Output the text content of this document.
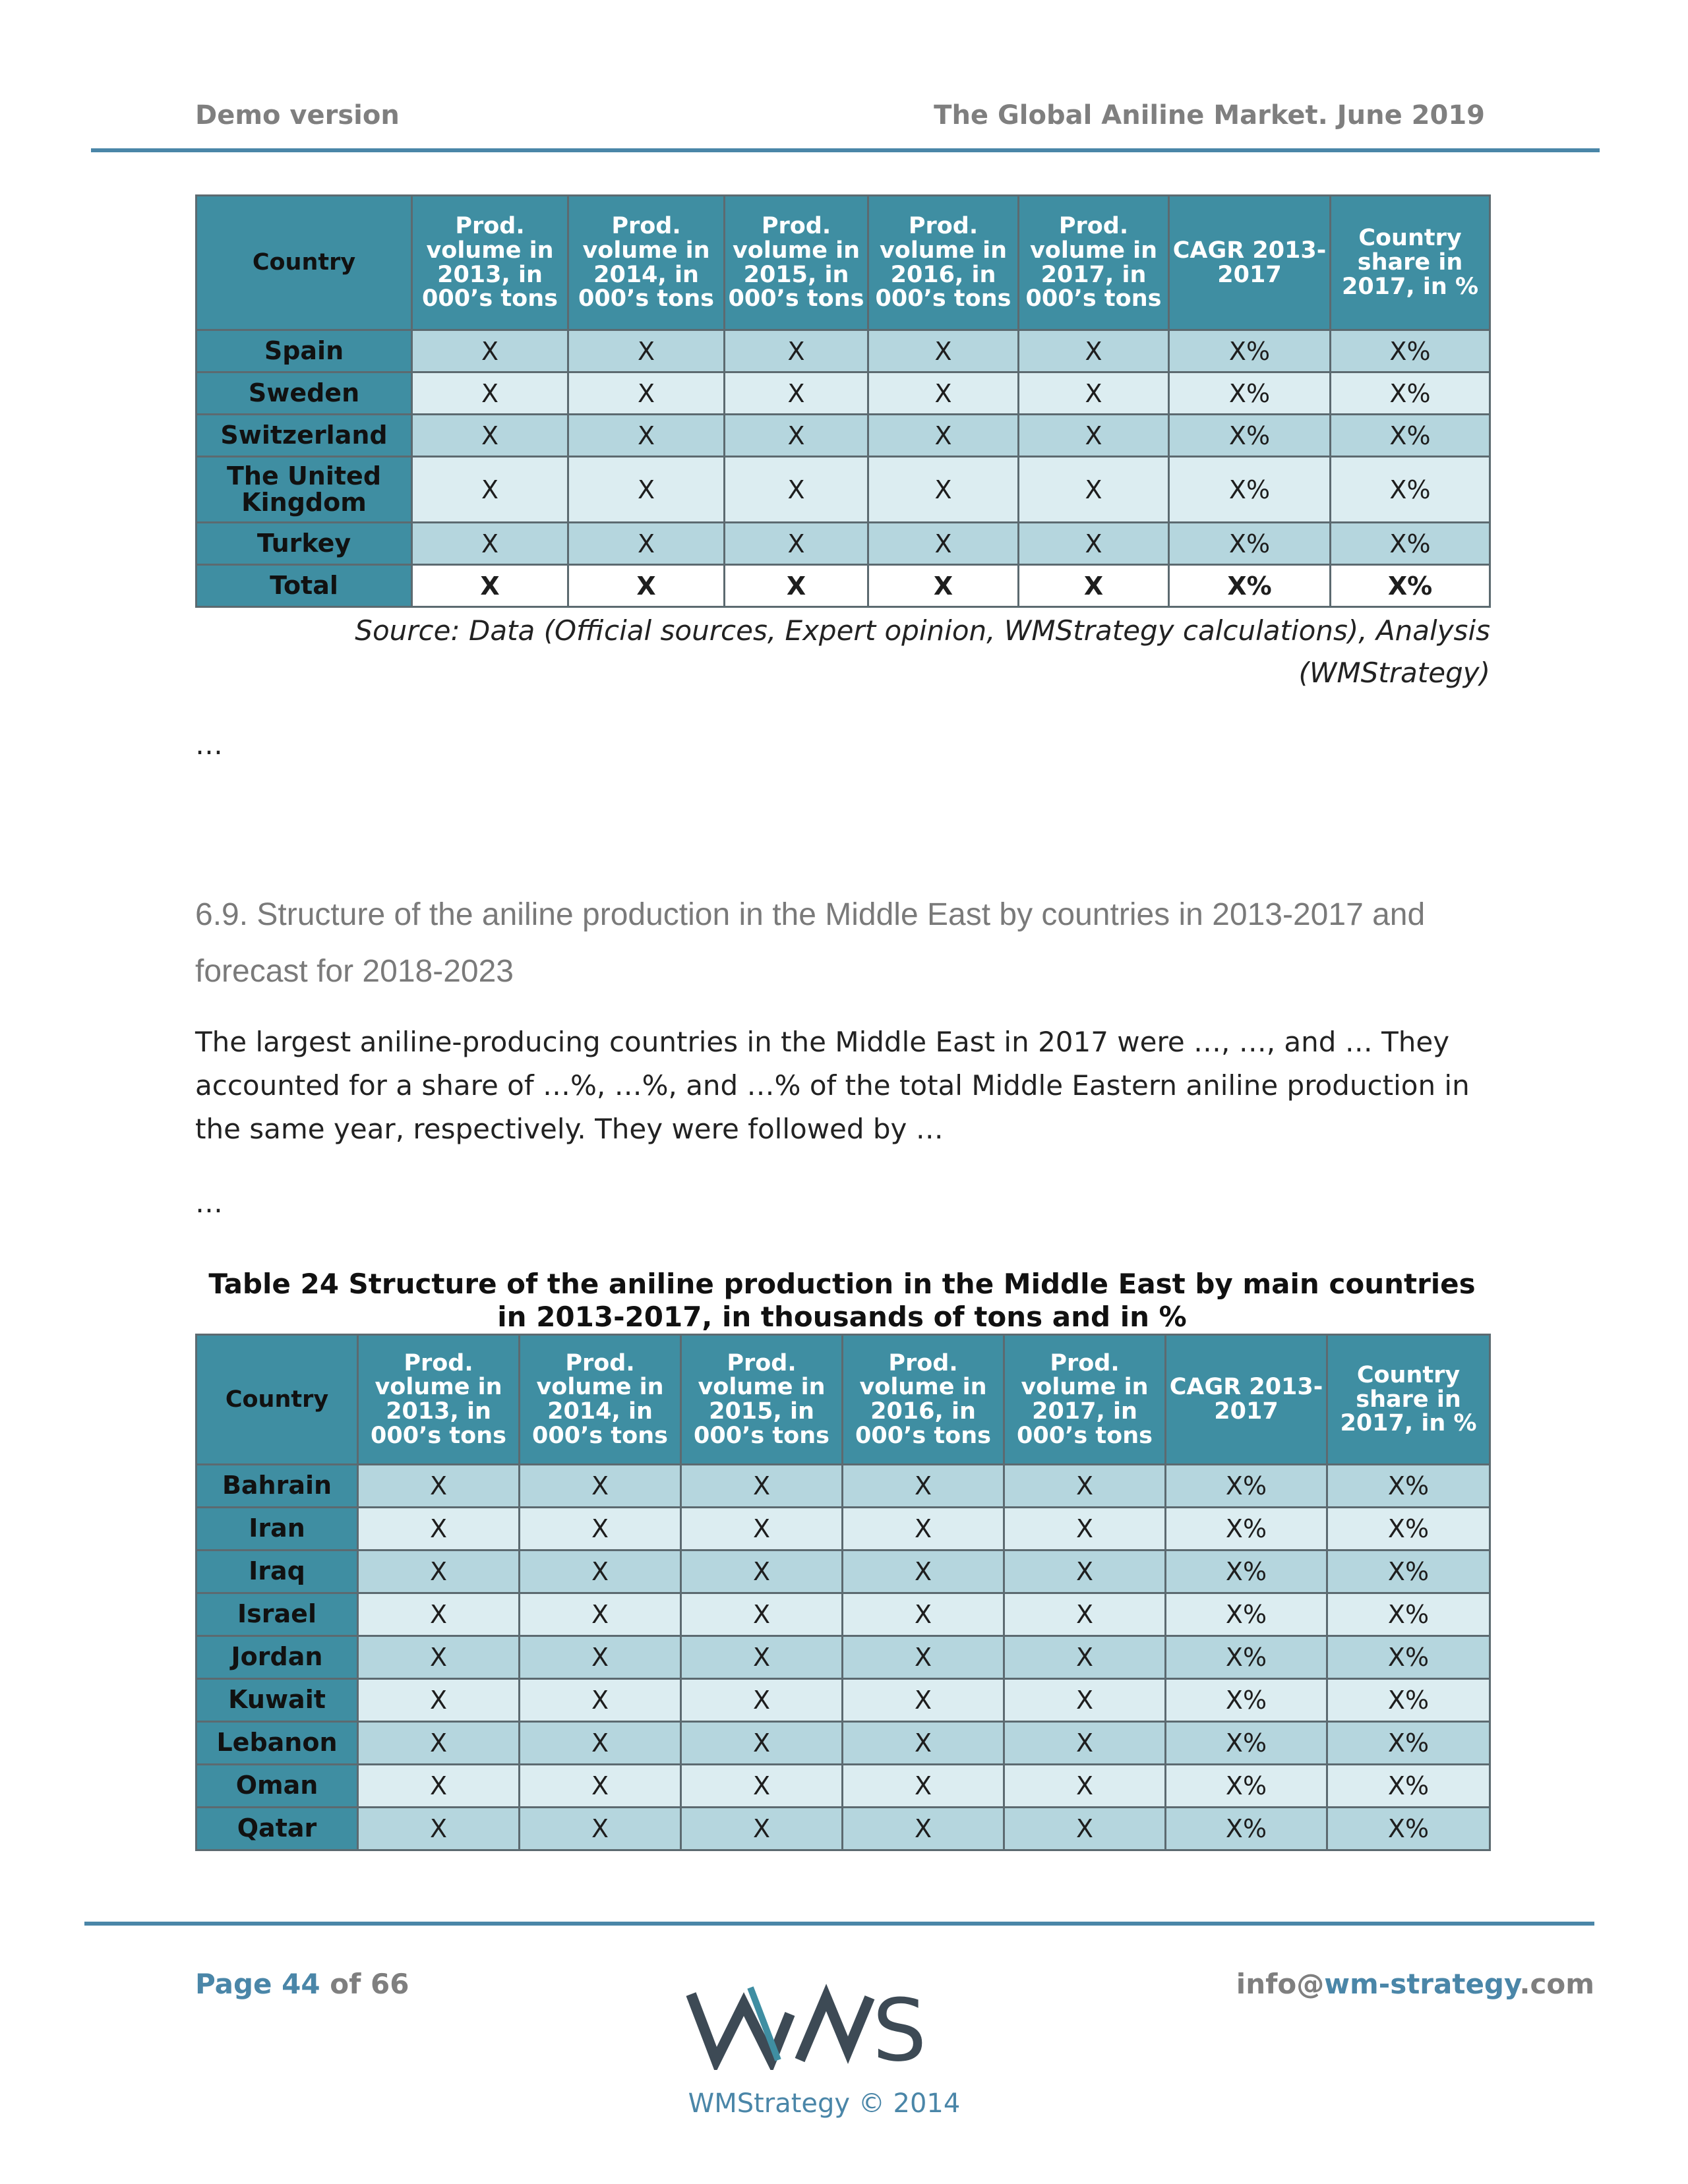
Demo version	The Global Aniline Market. June 2019
Country	Prod. volume in 2013, in 000’s tons	Prod. volume in 2014, in 000’s tons	Prod. volume in 2015, in 000’s tons	Prod. volume in 2016, in 000’s tons	Prod. volume in 2017, in 000’s tons	CAGR 2013-2017	Country share in 2017, in %
Spain	X	X	X	X	X	X%	X%
Sweden	X	X	X	X	X	X%	X%
Switzerland	X	X	X	X	X	X%	X%
The United Kingdom	X	X	X	X	X	X%	X%
Turkey	X	X	X	X	X	X%	X%
Total	X	X	X	X	X	X%	X%
Source: Data (Official sources, Expert opinion, WMStrategy calculations), Analysis (WMStrategy)
…
6.9. Structure of the aniline production in the Middle East by countries in 2013-2017 and forecast for 2018-2023
The largest aniline-producing countries in the Middle East in 2017 were …, …, and … They accounted for a share of …%, …%, and …% of the total Middle Eastern aniline production in the same year, respectively. They were followed by …
…
Table 24 Structure of the aniline production in the Middle East by main countries in 2013-2017, in thousands of tons and in %
Country	Prod. volume in 2013, in 000’s tons	Prod. volume in 2014, in 000’s tons	Prod. volume in 2015, in 000’s tons	Prod. volume in 2016, in 000’s tons	Prod. volume in 2017, in 000’s tons	CAGR 2013-2017	Country share in 2017, in %
Bahrain	X	X	X	X	X	X%	X%
Iran	X	X	X	X	X	X%	X%
Iraq	X	X	X	X	X	X%	X%
Israel	X	X	X	X	X	X%	X%
Jordan	X	X	X	X	X	X%	X%
Kuwait	X	X	X	X	X	X%	X%
Lebanon	X	X	X	X	X	X%	X%
Oman	X	X	X	X	X	X%	X%
Qatar	X	X	X	X	X	X%	X%
Page 44 of 66	S
WMStrategy © 2014
info@wm-strategy.com
